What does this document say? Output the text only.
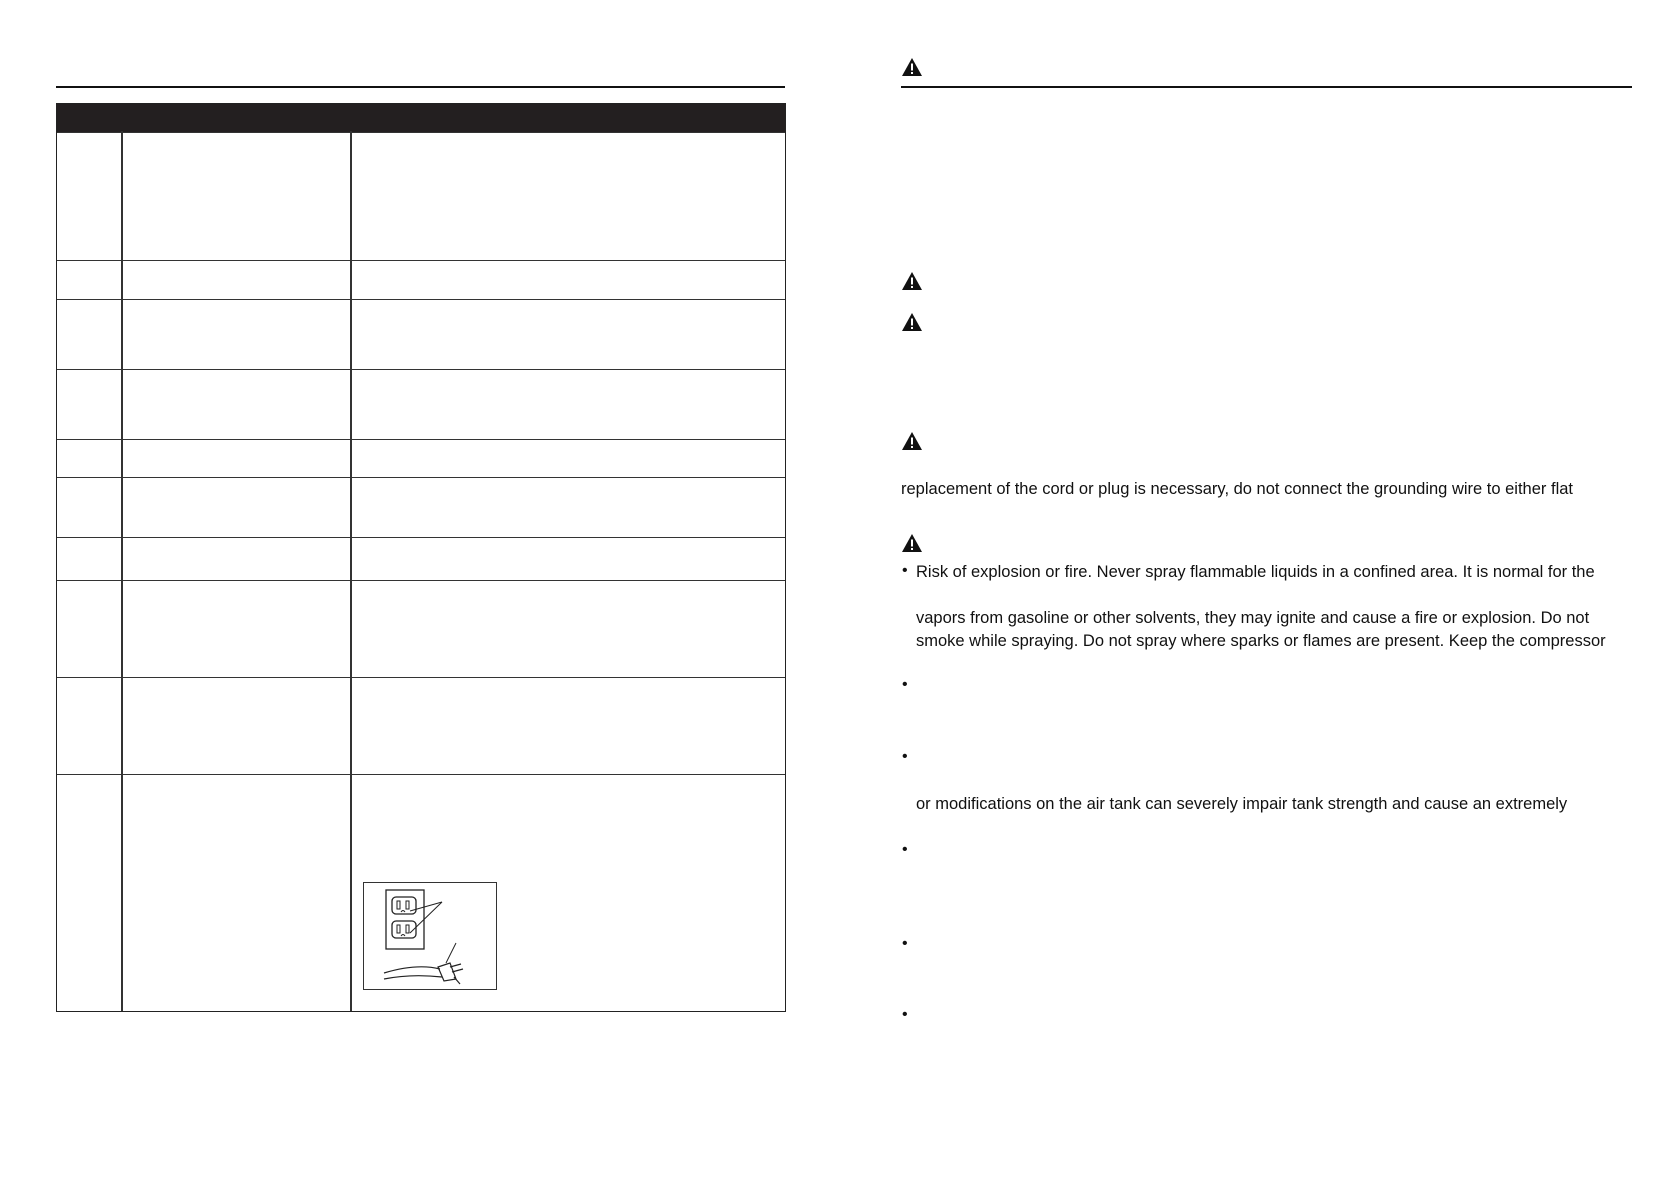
replacement of the cord or plug is necessary, do not connect the grounding wire to either flat
• Risk of explosion or fire. Never spray flammable liquids in a confined area. It is normal for the
vapors from gasoline or other solvents, they may ignite and cause a fire or explosion. Do not
smoke while spraying. Do not spray where sparks or flames are present. Keep the compressor
•
•
or modifications on the air tank can severely impair tank strength and cause an extremely
•
•
•
